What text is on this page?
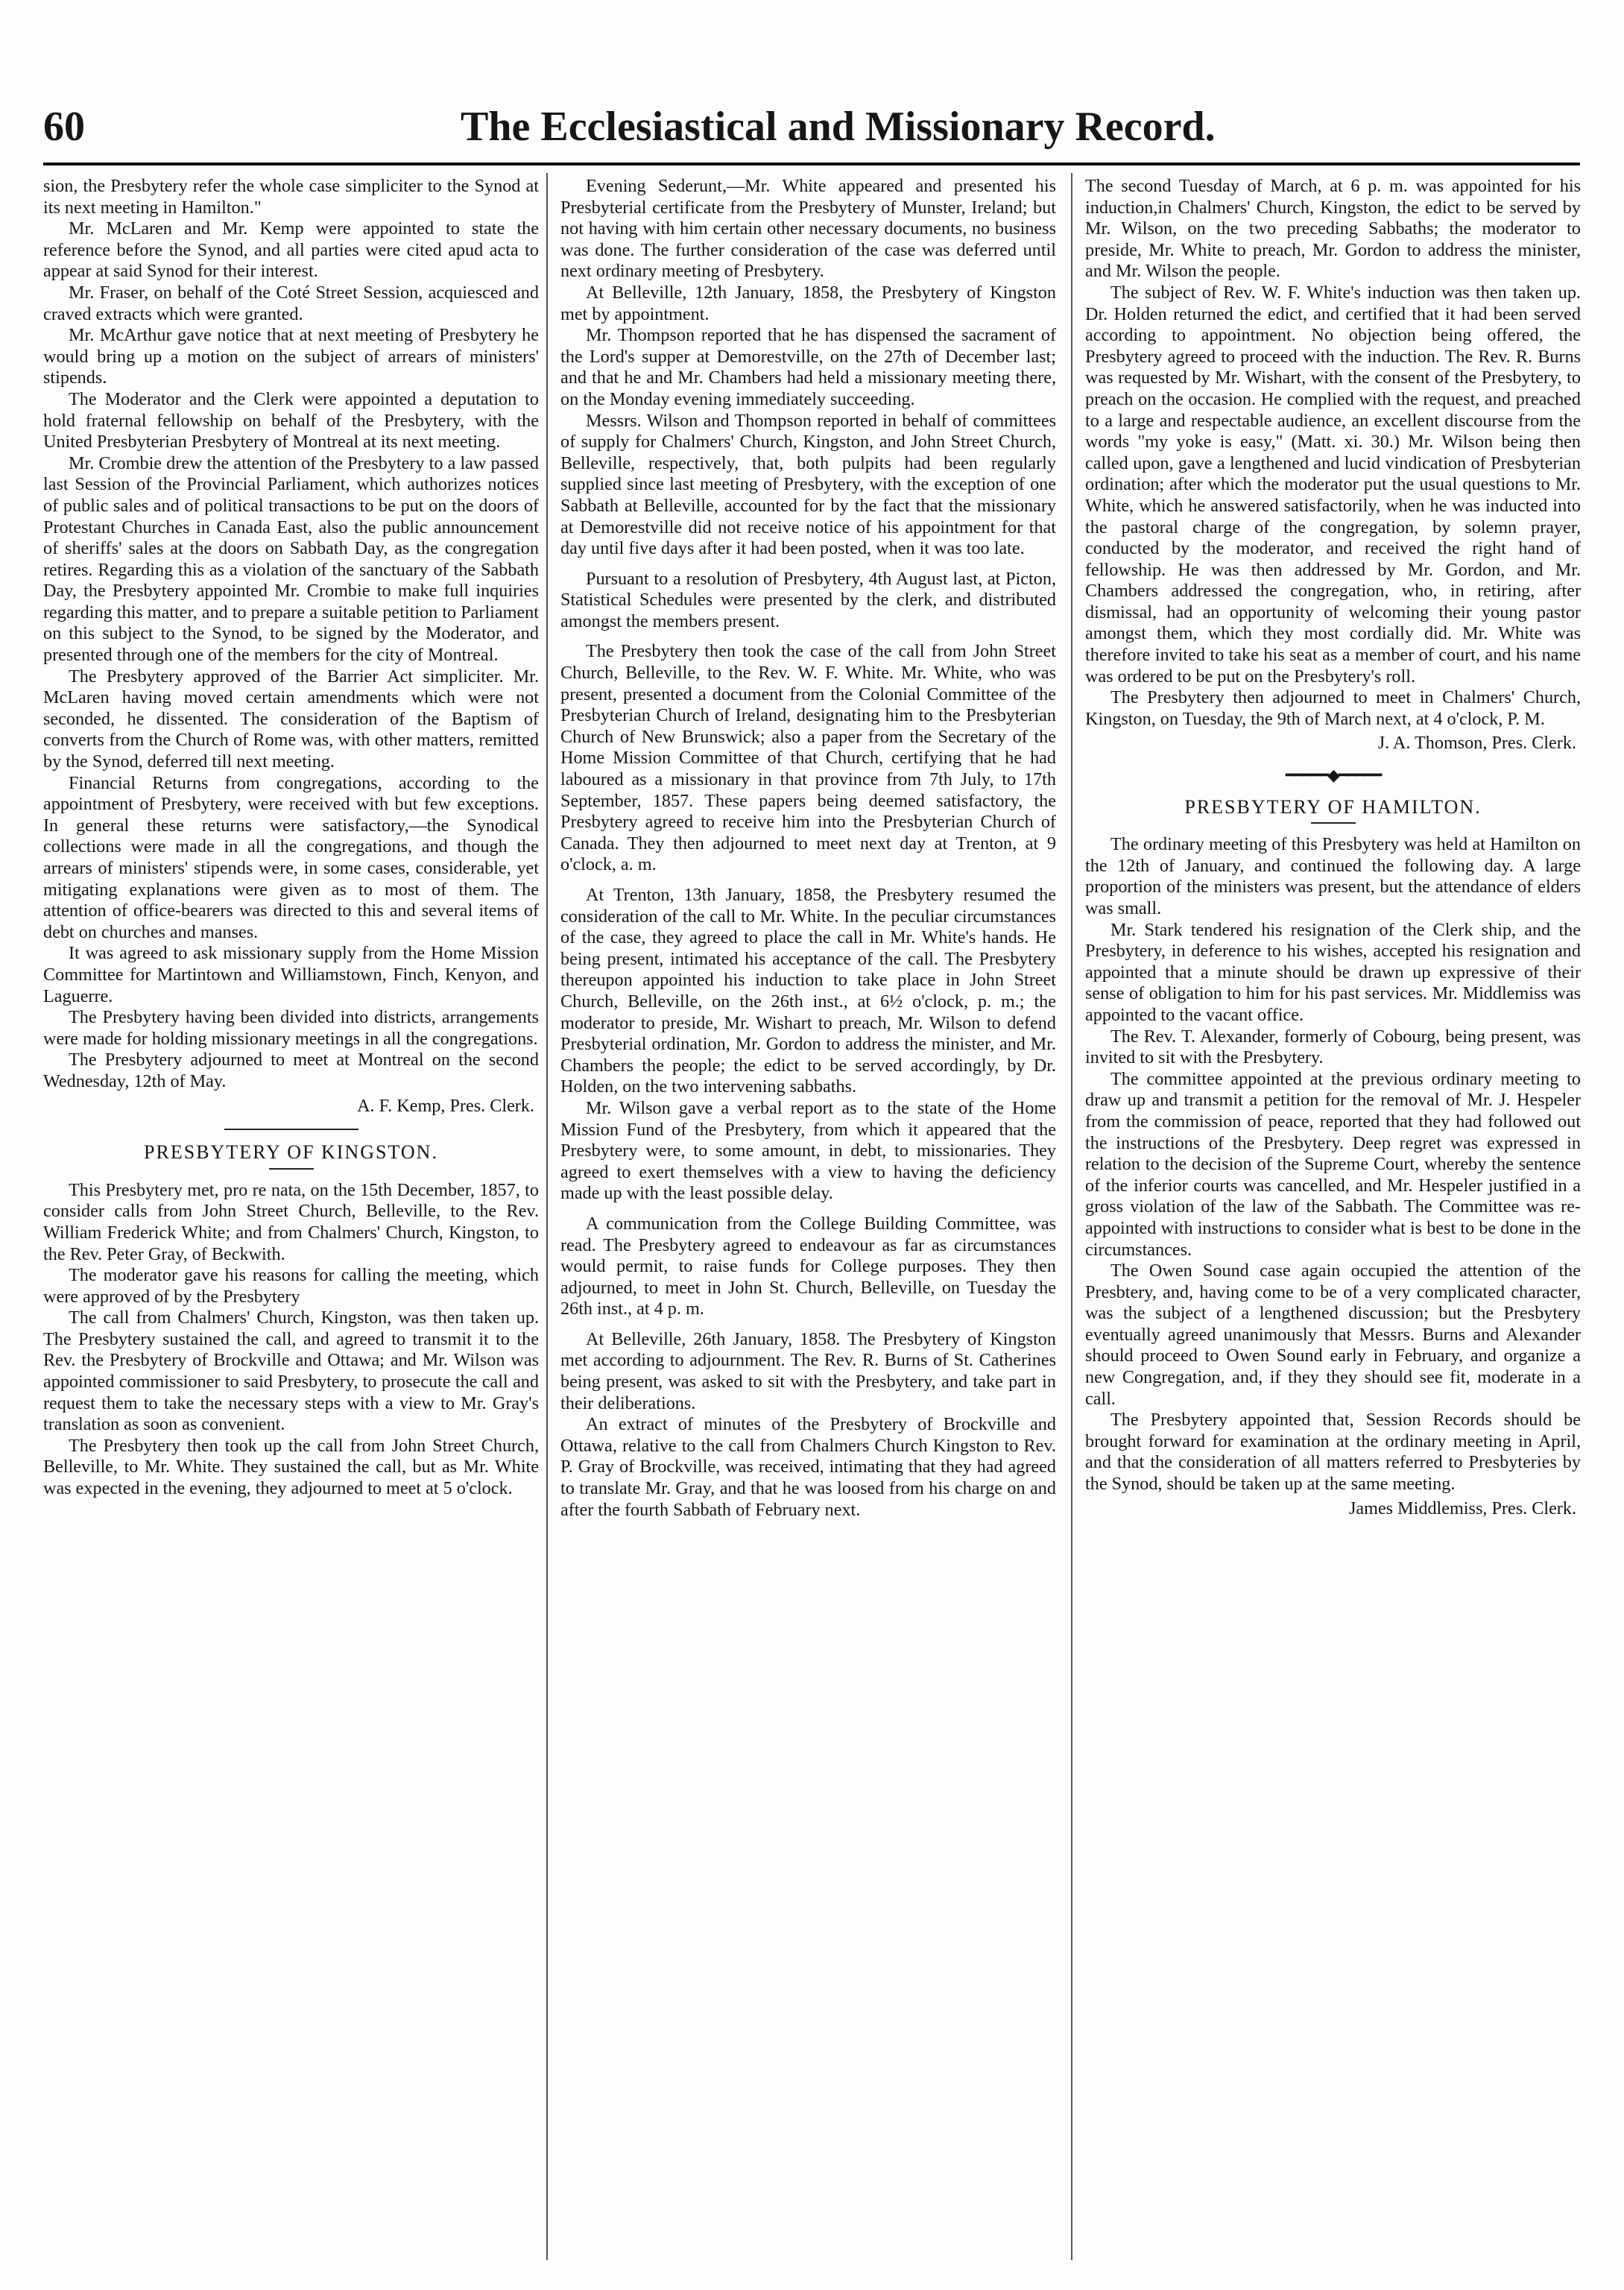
60	The Ecclesiastical and Missionary Record.

sion, the Presbytery refer the whole case simpliciter to the Synod at its next meeting in Hamilton."

Mr. McLaren and Mr. Kemp were appointed to state the reference before the Synod, and all parties were cited apud acta to appear at said Synod for their interest.

Mr. Fraser, on behalf of the Coté Street Session, acquiesced and craved extracts which were granted.

Mr. McArthur gave notice that at next meeting of Presbytery he would bring up a motion on the subject of arrears of ministers' stipends.

The Moderator and the Clerk were appointed a deputation to hold fraternal fellowship on behalf of the Presbytery, with the United Presbyterian Presbytery of Montreal at its next meeting.

Mr. Crombie drew the attention of the Presbytery to a law passed last Session of the Provincial Parliament, which authorizes notices of public sales and of political transactions to be put on the doors of Protestant Churches in Canada East, also the public announcement of sheriffs' sales at the doors on Sabbath Day, as the congregation retires. Regarding this as a violation of the sanctuary of the Sabbath Day, the Presbytery appointed Mr. Crombie to make full inquiries regarding this matter, and to prepare a suitable petition to Parliament on this subject to the Synod, to be signed by the Moderator, and presented through one of the members for the city of Montreal.

The Presbytery approved of the Barrier Act simpliciter. Mr. McLaren having moved certain amendments which were not seconded, he dissented. The consideration of the Baptism of converts from the Church of Rome was, with other matters, remitted by the Synod, deferred till next meeting.

Financial Returns from congregations, according to the appointment of Presbytery, were received with but few exceptions. In general these returns were satisfactory,—the Synodical collections were made in all the congregations, and though the arrears of ministers' stipends were, in some cases, considerable, yet mitigating explanations were given as to most of them. The attention of office-bearers was directed to this and several items of debt on churches and manses.

It was agreed to ask missionary supply from the Home Mission Committee for Martintown and Williamstown, Finch, Kenyon, and Laguerre.

The Presbytery having been divided into districts, arrangements were made for holding missionary meetings in all the congregations.

The Presbytery adjourned to meet at Montreal on the second Wednesday, 12th of May.

A. F. Kemp, Pres. Clerk.
PRESBYTERY OF KINGSTON.

This Presbytery met, pro re nata, on the 15th December, 1857, to consider calls from John Street Church, Belleville, to the Rev. William Frederick White; and from Chalmers' Church, Kingston, to the Rev. Peter Gray, of Beckwith.

The moderator gave his reasons for calling the meeting, which were approved of by the Presbytery

The call from Chalmers' Church, Kingston, was then taken up. The Presbytery sustained the call, and agreed to transmit it to the Rev. the Presbytery of Brockville and Ottawa; and Mr. Wilson was appointed commissioner to said Presbytery, to prosecute the call and request them to take the necessary steps with a view to Mr. Gray's translation as soon as convenient.

The Presbytery then took up the call from John Street Church, Belleville, to Mr. White. They sustained the call, but as Mr. White was expected in the evening, they adjourned to meet at 5 o'clock.

Evening Sederunt,—Mr. White appeared and presented his Presbyterial certificate from the Presbytery of Munster, Ireland; but not having with him certain other necessary documents, no business was done. The further consideration of the case was deferred until next ordinary meeting of Presbytery.

At Belleville, 12th January, 1858, the Presbytery of Kingston met by appointment.

Mr. Thompson reported that he has dispensed the sacrament of the Lord's supper at Demorestville, on the 27th of December last; and that he and Mr. Chambers had held a missionary meeting there, on the Monday evening immediately succeeding.

Messrs. Wilson and Thompson reported in behalf of committees of supply for Chalmers' Church, Kingston, and John Street Church, Belleville, respectively, that, both pulpits had been regularly supplied since last meeting of Presbytery, with the exception of one Sabbath at Belleville, accounted for by the fact that the missionary at Demorestville did not receive notice of his appointment for that day until five days after it had been posted, when it was too late.

Pursuant to a resolution of Presbytery, 4th August last, at Picton, Statistical Schedules were presented by the clerk, and distributed amongst the members present.

The Presbytery then took the case of the call from John Street Church, Belleville, to the Rev. W. F. White. Mr. White, who was present, presented a document from the Colonial Committee of the Presbyterian Church of Ireland, designating him to the Presbyterian Church of New Brunswick; also a paper from the Secretary of the Home Mission Committee of that Church, certifying that he had laboured as a missionary in that province from 7th July, to 17th September, 1857. These papers being deemed satisfactory, the Presbytery agreed to receive him into the Presbyterian Church of Canada. They then adjourned to meet next day at Trenton, at 9 o'clock, a. m.

At Trenton, 13th January, 1858, the Presbytery resumed the consideration of the call to Mr. White. In the peculiar circumstances of the case, they agreed to place the call in Mr. White's hands. He being present, intimated his acceptance of the call. The Presbytery thereupon appointed his induction to take place in John Street Church, Belleville, on the 26th inst., at 6½ o'clock, p. m.; the moderator to preside, Mr. Wishart to preach, Mr. Wilson to defend Presbyterial ordination, Mr. Gordon to address the minister, and Mr. Chambers the people; the edict to be served accordingly, by Dr. Holden, on the two intervening sabbaths.

Mr. Wilson gave a verbal report as to the state of the Home Mission Fund of the Presbytery, from which it appeared that the Presbytery were, to some amount, in debt, to missionaries. They agreed to exert themselves with a view to having the deficiency made up with the least possible delay.

A communication from the College Building Committee, was read. The Presbytery agreed to endeavour as far as circumstances would permit, to raise funds for College purposes. They then adjourned, to meet in John St. Church, Belleville, on Tuesday the 26th inst., at 4 p. m.

At Belleville, 26th January, 1858. The Presbytery of Kingston met according to adjournment. The Rev. R. Burns of St. Catherines being present, was asked to sit with the Presbytery, and take part in their deliberations.

An extract of minutes of the Presbytery of Brockville and Ottawa, relative to the call from Chalmers Church Kingston to Rev. P. Gray of Brockville, was received, intimating that they had agreed to translate Mr. Gray, and that he was loosed from his charge on and after the fourth Sabbath of February next.

The second Tuesday of March, at 6 p. m. was appointed for his induction,in Chalmers' Church, Kingston, the edict to be served by Mr. Wilson, on the two preceding Sabbaths; the moderator to preside, Mr. White to preach, Mr. Gordon to address the minister, and Mr. Wilson the people.

The subject of Rev. W. F. White's induction was then taken up. Dr. Holden returned the edict, and certified that it had been served according to appointment. No objection being offered, the Presbytery agreed to proceed with the induction. The Rev. R. Burns was requested by Mr. Wishart, with the consent of the Presbytery, to preach on the occasion. He complied with the request, and preached to a large and respectable audience, an excellent discourse from the words "my yoke is easy," (Matt. xi. 30.) Mr. Wilson being then called upon, gave a lengthened and lucid vindication of Presbyterian ordination; after which the moderator put the usual questions to Mr. White, which he answered satisfactorily, when he was inducted into the pastoral charge of the congregation, by solemn prayer, conducted by the moderator, and received the right hand of fellowship. He was then addressed by Mr. Gordon, and Mr. Chambers addressed the congregation, who, in retiring, after dismissal, had an opportunity of welcoming their young pastor amongst them, which they most cordially did. Mr. White was therefore invited to take his seat as a member of court, and his name was ordered to be put on the Presbytery's roll.

The Presbytery then adjourned to meet in Chalmers' Church, Kingston, on Tuesday, the 9th of March next, at 4 o'clock, P. M.

J. A. Thomson, Pres. Clerk.
━━━━━◆━━━━━
PRESBYTERY OF HAMILTON.

The ordinary meeting of this Presbytery was held at Hamilton on the 12th of January, and continued the following day. A large proportion of the ministers was present, but the attendance of elders was small.

Mr. Stark tendered his resignation of the Clerk ship, and the Presbytery, in deference to his wishes, accepted his resignation and appointed that a minute should be drawn up expressive of their sense of obligation to him for his past services. Mr. Middlemiss was appointed to the vacant office.

The Rev. T. Alexander, formerly of Cobourg, being present, was invited to sit with the Presbytery.

The committee appointed at the previous ordinary meeting to draw up and transmit a petition for the removal of Mr. J. Hespeler from the commission of peace, reported that they had followed out the instructions of the Presbytery. Deep regret was expressed in relation to the decision of the Supreme Court, whereby the sentence of the inferior courts was cancelled, and Mr. Hespeler justified in a gross violation of the law of the Sabbath. The Committee was re-appointed with instructions to consider what is best to be done in the circumstances.

The Owen Sound case again occupied the attention of the Presbtery, and, having come to be of a very complicated character, was the subject of a lengthened discussion; but the Presbytery eventually agreed unanimously that Messrs. Burns and Alexander should proceed to Owen Sound early in February, and organize a new Congregation, and, if they they should see fit, moderate in a call.

The Presbytery appointed that, Session Records should be brought forward for examination at the ordinary meeting in April, and that the consideration of all matters referred to Presbyteries by the Synod, should be taken up at the same meeting.

James Middlemiss, Pres. Clerk.
